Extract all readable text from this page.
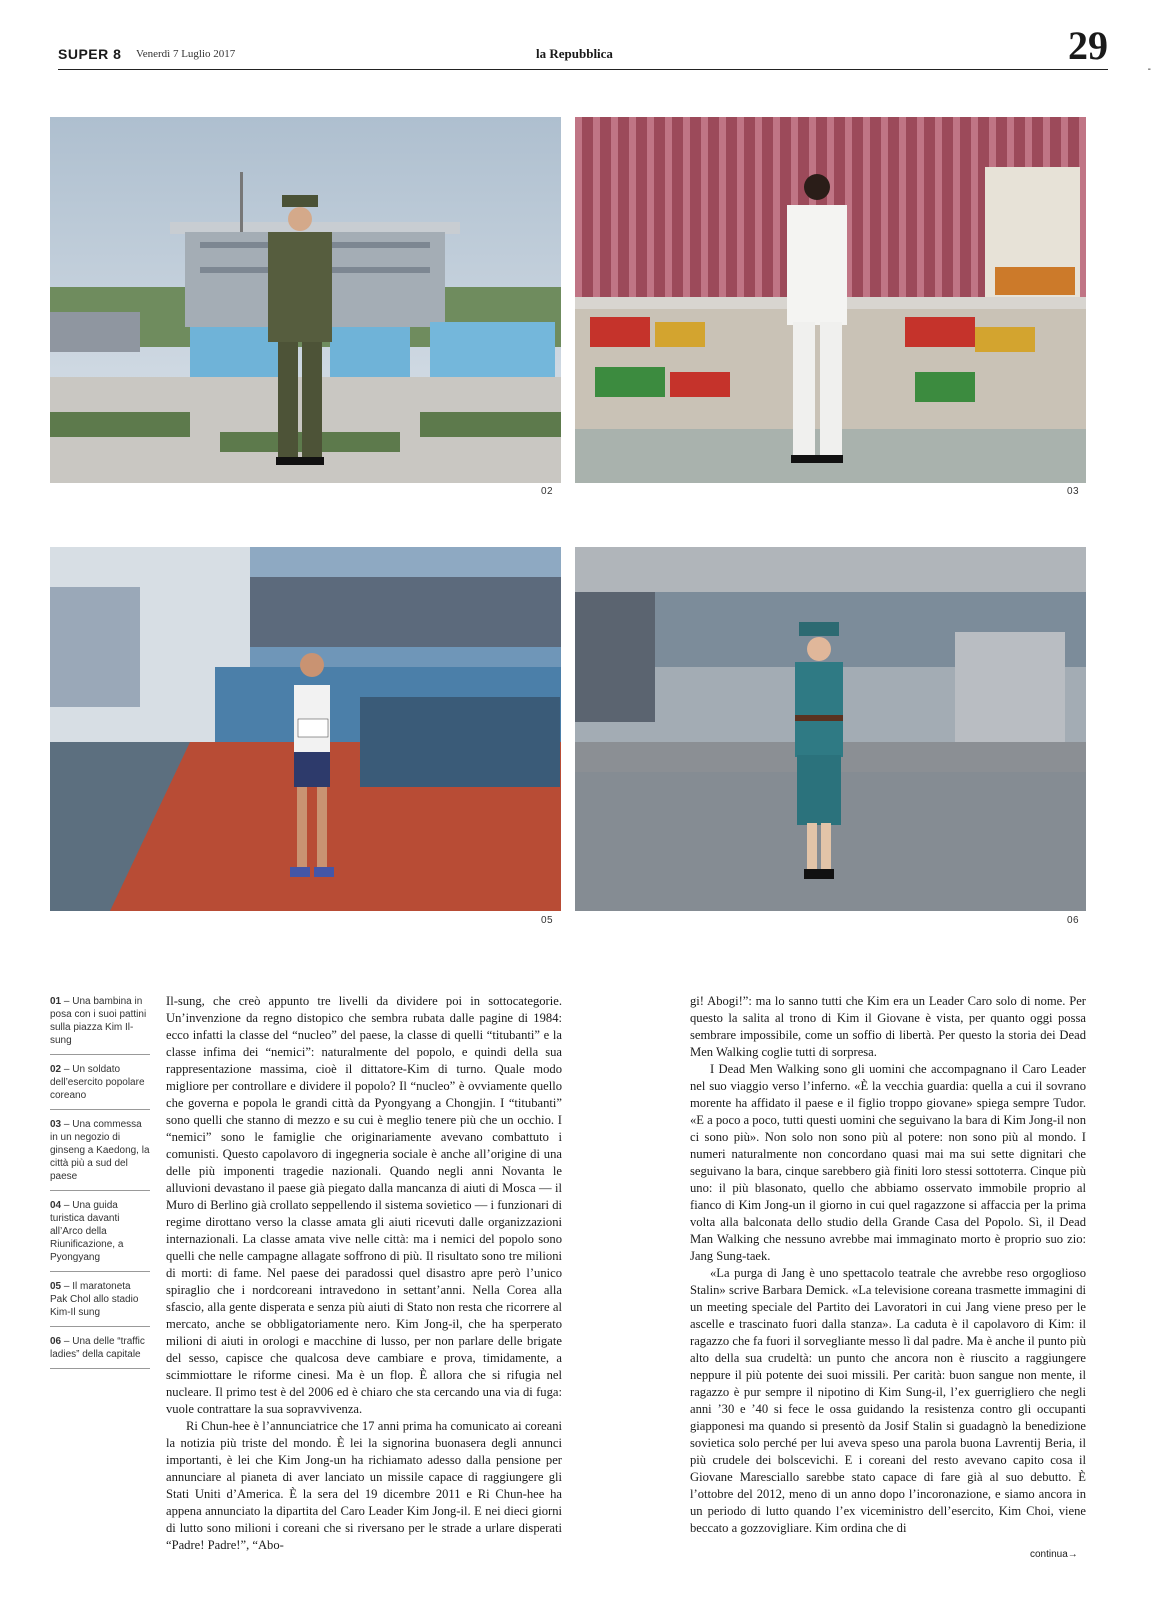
SUPER 8 Venerdì 7 Luglio 2017	la Repubblica	29
-
02	03
05	06
01 – Una bambina in posa con i suoi pattini sulla piazza Kim Il-sung
02 – Un soldato dell’esercito popolare coreano
03 – Una commessa in un negozio di ginseng a Kaedong, la città più a sud del paese
04 – Una guida turistica davanti all’Arco della Riunificazione, a Pyongyang
05 – Il maratoneta Pak Chol allo stadio Kim-Il sung
06 – Una delle “traffic ladies” della capitale

Il-sung, che creò appunto tre livelli da dividere poi in sottocategorie. Un’invenzione da regno distopico che sembra rubata dalle pagine di 1984: ecco infatti la classe del “nucleo” del paese, la classe di quelli “titubanti” e la classe infima dei “nemici”: naturalmente del popolo, e quindi della sua rappresentazione massima, cioè il dittatore-Kim di turno. Quale modo migliore per controllare e dividere il popolo? Il “nucleo” è ovviamente quello che governa e popola le grandi città da Pyongyang a Chongjin. I “titubanti” sono quelli che stanno di mezzo e su cui è meglio tenere più che un occhio. I “nemici” sono le famiglie che originariamente avevano combattuto i comunisti. Questo capolavoro di ingegneria sociale è anche all’origine di una delle più imponenti tragedie nazionali. Quando negli anni Novanta le alluvioni devastano il paese già piegato dalla mancanza di aiuti di Mosca — il Muro di Berlino già crollato seppellendo il sistema sovietico — i funzionari di regime dirottano verso la classe amata gli aiuti ricevuti dalle organizzazioni internazionali. La classe amata vive nelle città: ma i nemici del popolo sono quelli che nelle campagne allagate soffrono di più. Il risultato sono tre milioni di morti: di fame. Nel paese dei paradossi quel disastro apre però l’unico spiraglio che i nordcoreani intravedono in settant’anni. Nella Corea alla sfascio, alla gente disperata e senza più aiuti di Stato non resta che ricorrere al mercato, anche se obbligatoriamente nero. Kim Jong-il, che ha sperperato milioni di aiuti in orologi e macchine di lusso, per non parlare delle brigate del sesso, capisce che qualcosa deve cambiare e prova, timidamente, a scimmiottare le riforme cinesi. Ma è un flop. È allora che si rifugia nel nucleare. Il primo test è del 2006 ed è chiaro che sta cercando una via di fuga: vuole contrattare la sua sopravvivenza.

Ri Chun-hee è l’annunciatrice che 17 anni prima ha comunicato ai coreani la notizia più triste del mondo. È lei la signorina buonasera degli annunci importanti, è lei che Kim Jong-un ha richiamato adesso dalla pensione per annunciare al pianeta di aver lanciato un missile capace di raggiungere gli Stati Uniti d’America. È la sera del 19 dicembre 2011 e Ri Chun-hee ha appena annunciato la dipartita del Caro Leader Kim Jong-il. E nei dieci giorni di lutto sono milioni i coreani che si riversano per le strade a urlare disperati “Padre! Padre!”, “Abo-

gi! Abogi!”: ma lo sanno tutti che Kim era un Leader Caro solo di nome. Per questo la salita al trono di Kim il Giovane è vista, per quanto oggi possa sembrare impossibile, come un soffio di libertà. Per questo la storia dei Dead Men Walking coglie tutti di sorpresa.

I Dead Men Walking sono gli uomini che accompagnano il Caro Leader nel suo viaggio verso l’inferno. «È la vecchia guardia: quella a cui il sovrano morente ha affidato il paese e il figlio troppo giovane» spiega sempre Tudor. «E a poco a poco, tutti questi uomini che seguivano la bara di Kim Jong-il non ci sono più». Non solo non sono più al potere: non sono più al mondo. I numeri naturalmente non concordano quasi mai ma sui sette dignitari che seguivano la bara, cinque sarebbero già finiti loro stessi sottoterra. Cinque più uno: il più blasonato, quello che abbiamo osservato immobile proprio al fianco di Kim Jong-un il giorno in cui quel ragazzone si affaccia per la prima volta alla balconata dello studio della Grande Casa del Popolo. Sì, il Dead Man Walking che nessuno avrebbe mai immaginato morto è proprio suo zio: Jang Sung-taek.

«La purga di Jang è uno spettacolo teatrale che avrebbe reso orgoglioso Stalin» scrive Barbara Demick. «La televisione coreana trasmette immagini di un meeting speciale del Partito dei Lavoratori in cui Jang viene preso per le ascelle e trascinato fuori dalla stanza». La caduta è il capolavoro di Kim: il ragazzo che fa fuori il sorvegliante messo lì dal padre. Ma è anche il punto più alto della sua crudeltà: un punto che ancora non è riuscito a raggiungere neppure il più potente dei suoi missili. Per carità: buon sangue non mente, il ragazzo è pur sempre il nipotino di Kim Sung-il, l’ex guerrigliero che negli anni ’30 e ’40 si fece le ossa guidando la resistenza contro gli occupanti giapponesi ma quando si presentò da Josif Stalin si guadagnò la benedizione sovietica solo perché per lui aveva speso una parola buona Lavrentij Beria, il più crudele dei bolscevichi. E i coreani del resto avevano capito cosa il Giovane Maresciallo sarebbe stato capace di fare già al suo debutto. È l’ottobre del 2012, meno di un anno dopo l’incoronazione, e siamo ancora in un periodo di lutto quando l’ex viceministro dell’esercito, Kim Choi, viene beccato a gozzovigliare. Kim ordina che di

continua→
